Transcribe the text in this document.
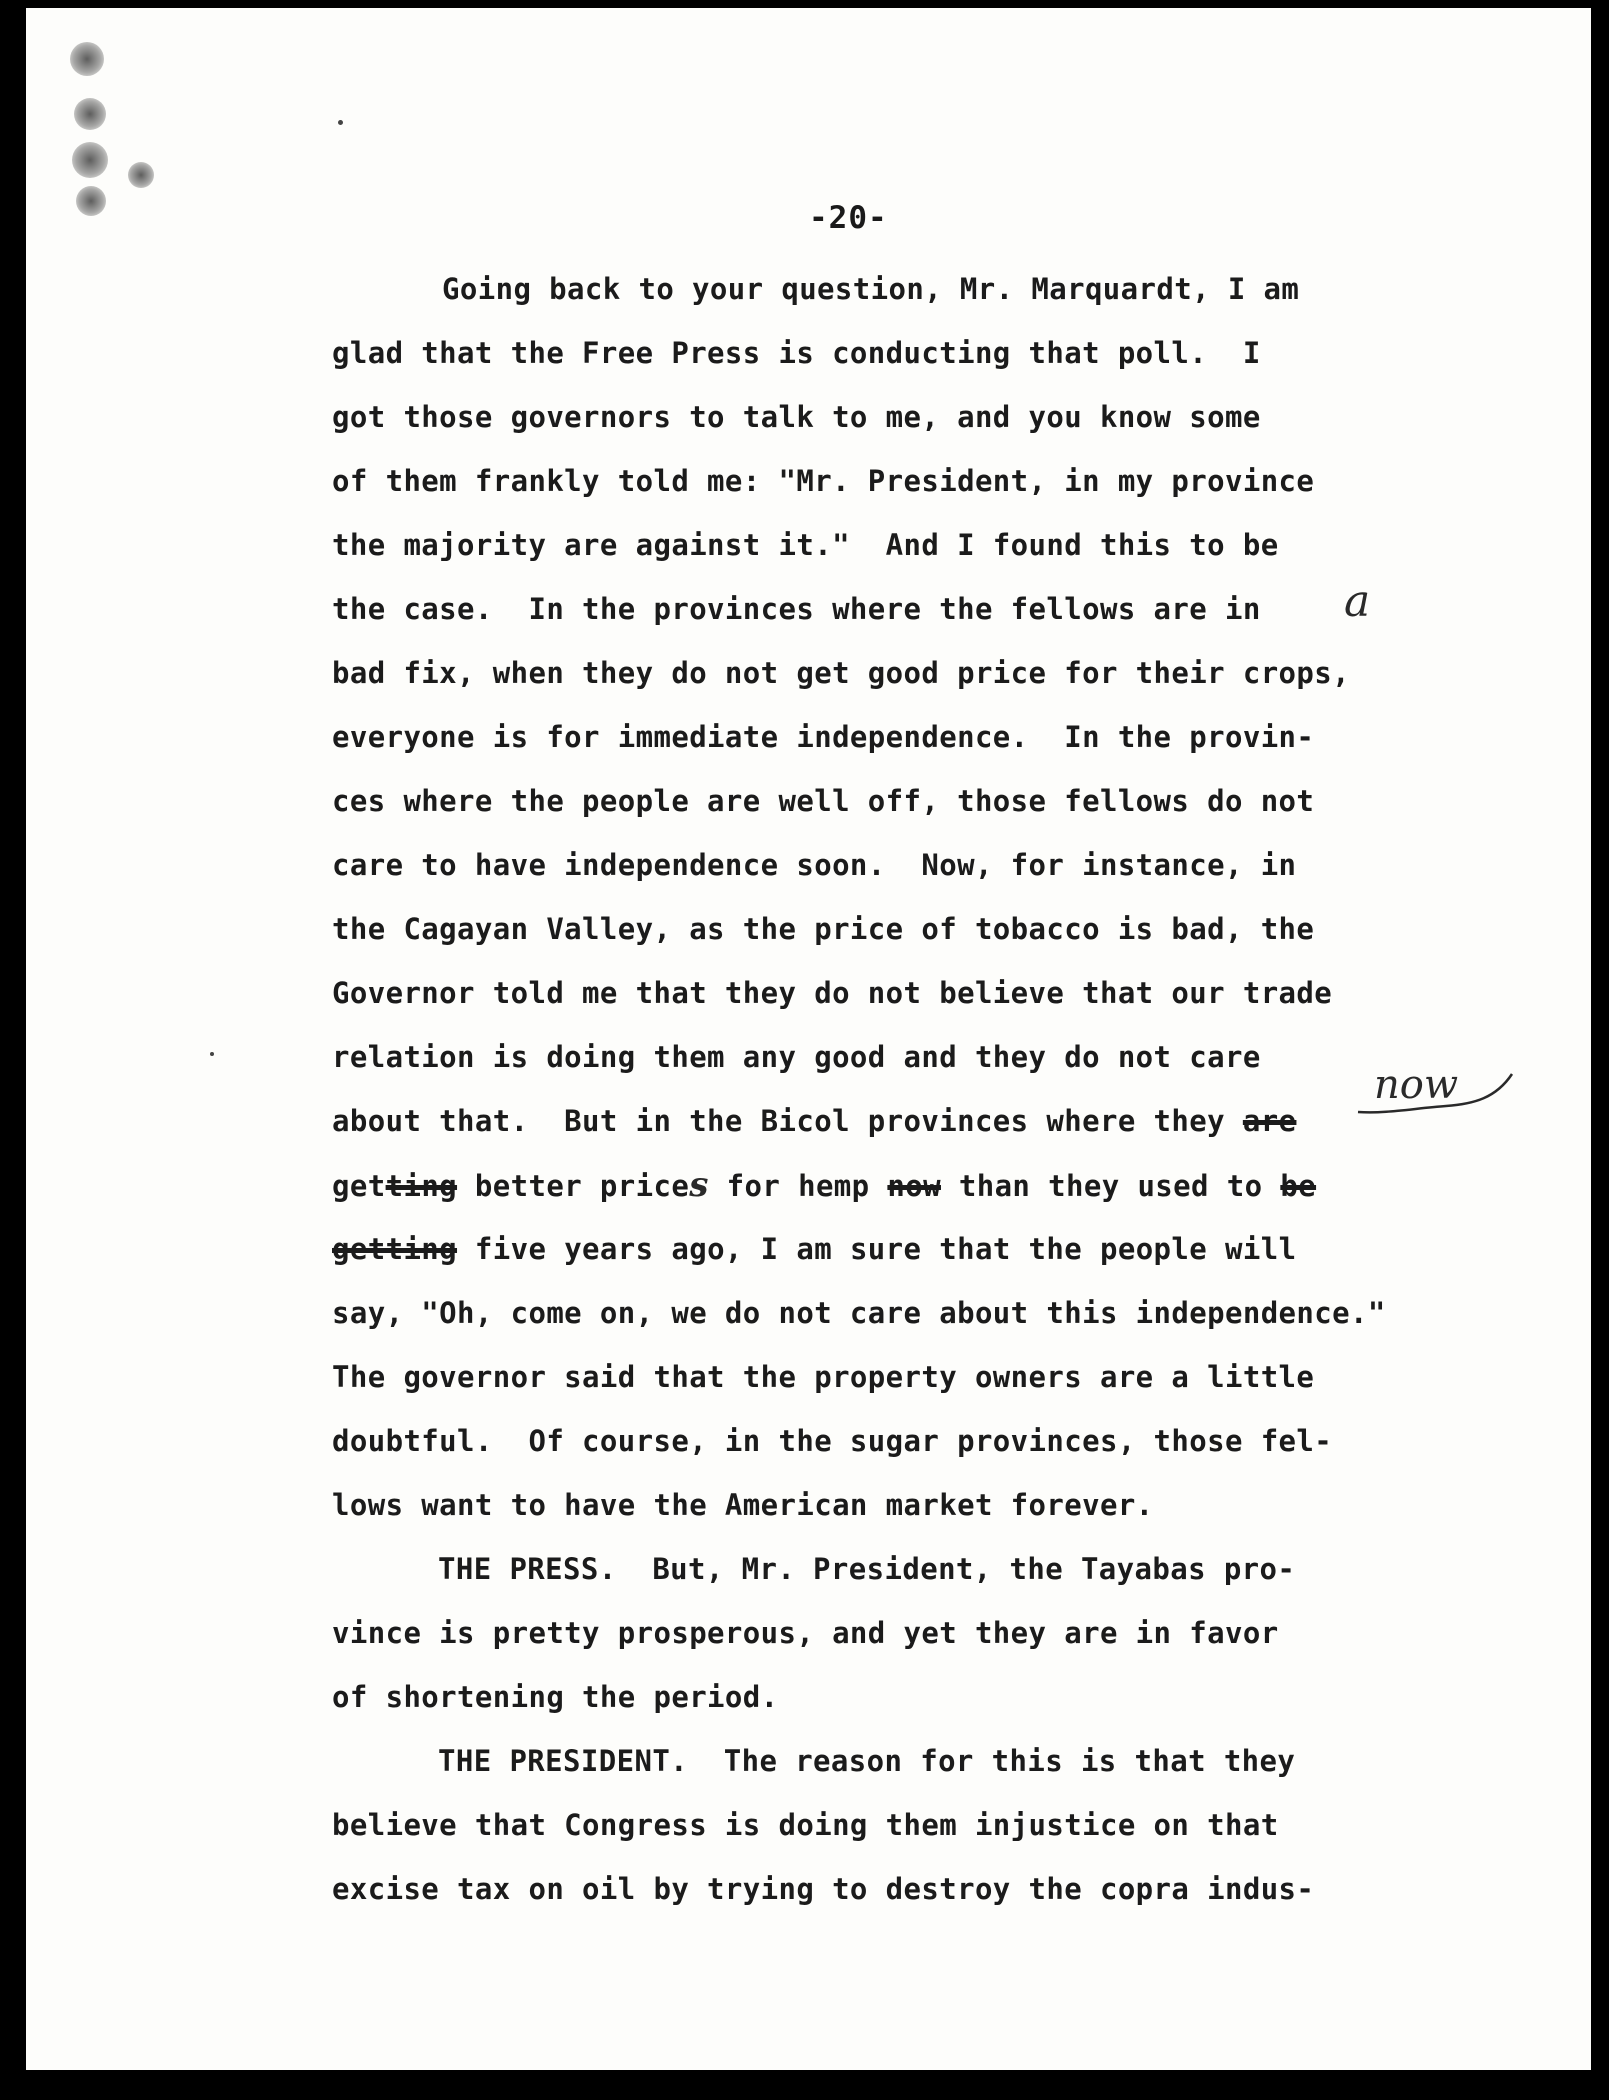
-20-
Going back to your question, Mr. Marquardt, I am
glad that the Free Press is conducting that poll.  I
got those governors to talk to me, and you know some
of them frankly told me: "Mr. President, in my province
the majority are against it."  And I found this to be
the case.  In the provinces where the fellows are in a
bad fix, when they do not get good price for their crops,
everyone is for immediate independence.  In the provin-
ces where the people are well off, those fellows do not
care to have independence soon.  Now, for instance, in
the Cagayan Valley, as the price of tobacco is bad, the
Governor told me that they do not believe that our trade
relation is doing them any good and they do not care
now
about that.  But in the Bicol provinces where they are
getting better prices for hemp now than they used to be
getting five years ago, I am sure that the people will
say, "Oh, come on, we do not care about this independence."
The governor said that the property owners are a little
doubtful.  Of course, in the sugar provinces, those fel-
lows want to have the American market forever.
THE PRESS.  But, Mr. President, the Tayabas pro-
vince is pretty prosperous, and yet they are in favor
of shortening the period.
THE PRESIDENT.  The reason for this is that they
believe that Congress is doing them injustice on that
excise tax on oil by trying to destroy the copra indus-
